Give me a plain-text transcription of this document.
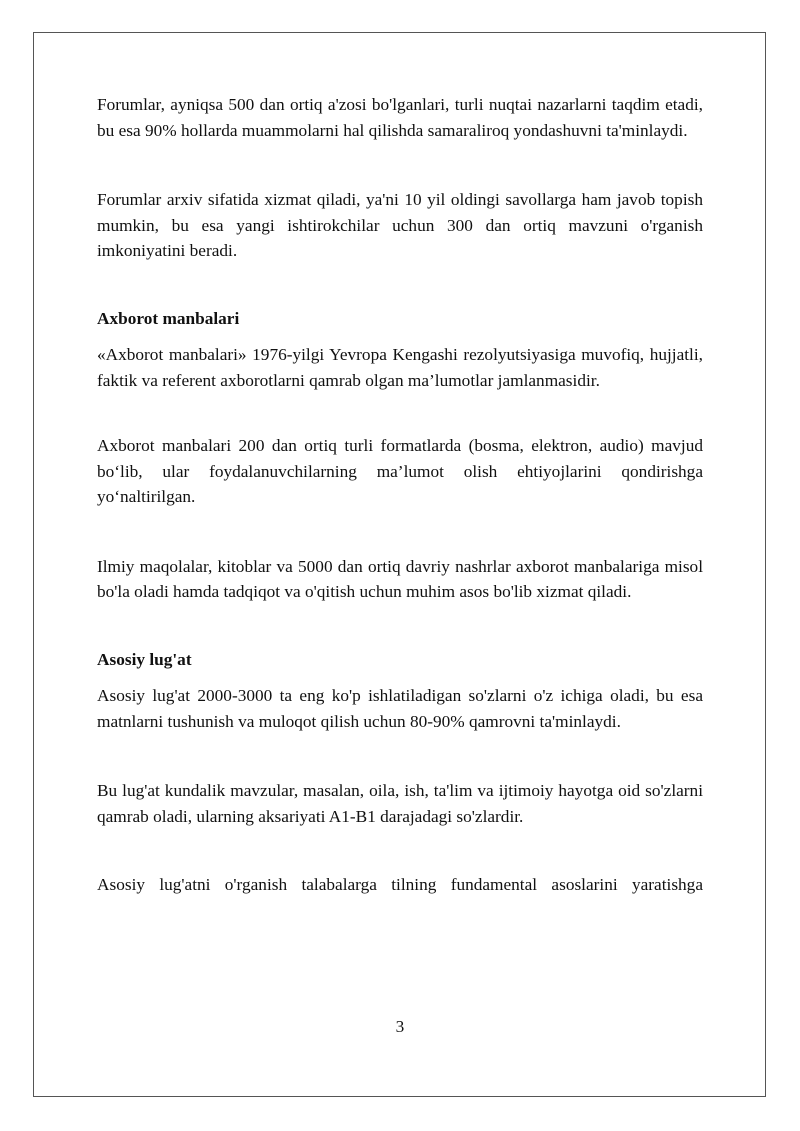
Forumlar, ayniqsa 500 dan ortiq a'zosi bo'lganlari, turli nuqtai nazarlarni taqdim etadi, bu esa 90% hollarda muammolarni hal qilishda samaraliroq yondashuvni ta'minlaydi.

Forumlar arxiv sifatida xizmat qiladi, ya'ni 10 yil oldingi savollarga ham javob topish mumkin, bu esa yangi ishtirokchilar uchun 300 dan ortiq mavzuni o'rganish imkoniyatini beradi.

Axborot manbalari

«Axborot manbalari» 1976-yilgi Yevropa Kengashi rezolyutsiyasiga muvofiq, hujjatli, faktik va referent axborotlarni qamrab olgan ma’lumotlar jamlanmasidir.

Axborot manbalari 200 dan ortiq turli formatlarda (bosma, elektron, audio) mavjud bo‘lib, ular foydalanuvchilarning ma’lumot olish ehtiyojlarini qondirishga yo‘naltirilgan.

Ilmiy maqolalar, kitoblar va 5000 dan ortiq davriy nashrlar axborot manbalariga misol bo'la oladi hamda tadqiqot va o'qitish uchun muhim asos bo'lib xizmat qiladi.

Asosiy lug'at

Asosiy lug'at 2000-3000 ta eng ko'p ishlatiladigan so'zlarni o'z ichiga oladi, bu esa matnlarni tushunish va muloqot qilish uchun 80-90% qamrovni ta'minlaydi.

Bu lug'at kundalik mavzular, masalan, oila, ish, ta'lim va ijtimoiy hayotga oid so'zlarni qamrab oladi, ularning aksariyati A1-B1 darajadagi so'zlardir.

Asosiy lug'atni o'rganish talabalarga tilning fundamental asoslarini yaratishga

3
